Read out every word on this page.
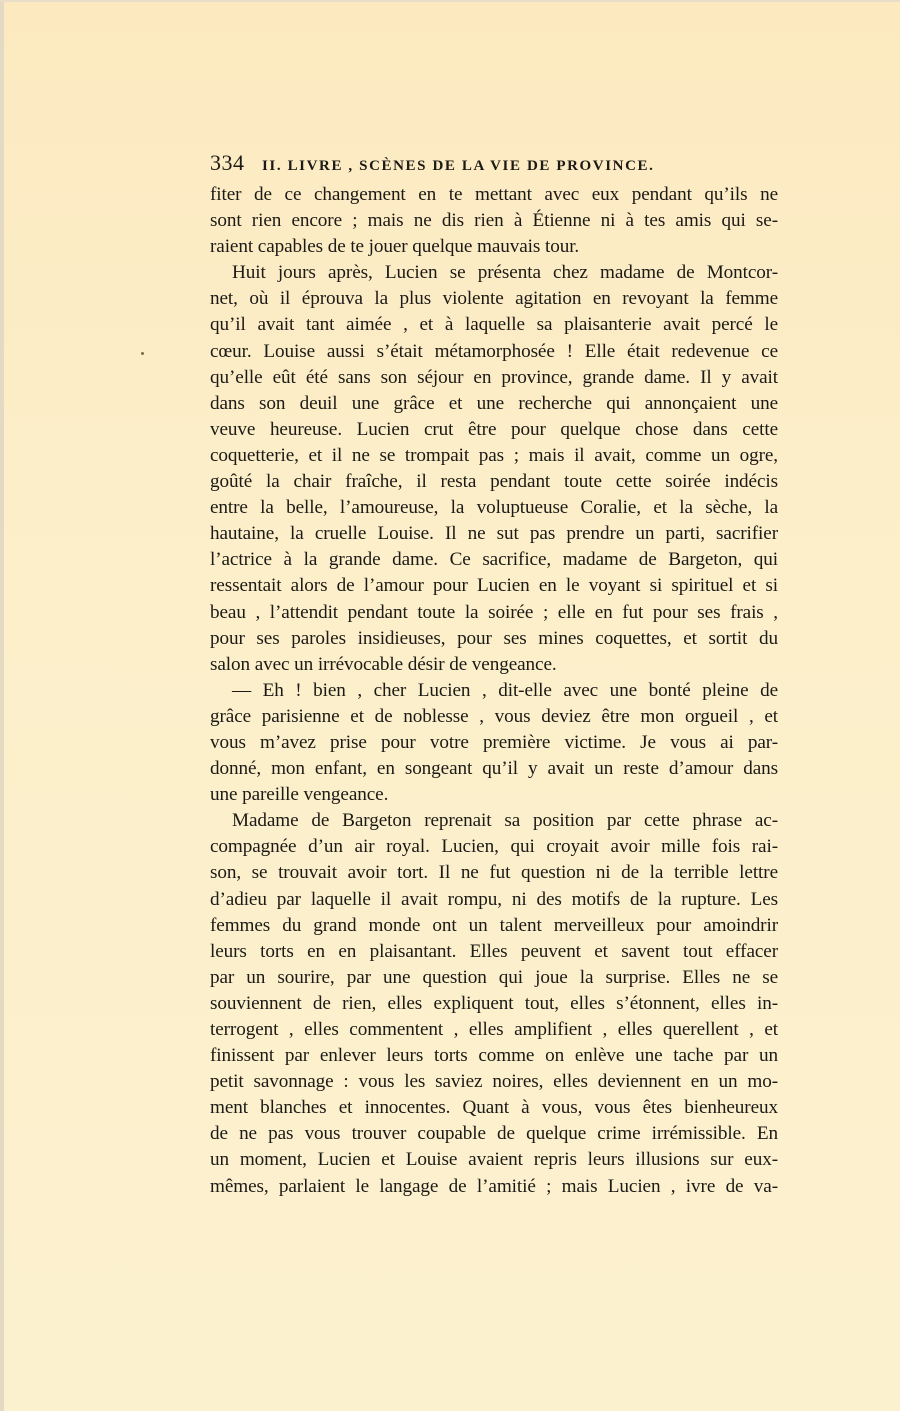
334	II. LIVRE , SCÈNES DE LA VIE DE PROVINCE.
fiter de ce changement en te mettant avec eux pendant qu’ils ne
sont rien encore ; mais ne dis rien à Étienne ni à tes amis qui se-
raient capables de te jouer quelque mauvais tour.
Huit jours après, Lucien se présenta chez madame de Montcor-
net, où il éprouva la plus violente agitation en revoyant la femme
qu’il avait tant aimée , et à laquelle sa plaisanterie avait percé le
cœur. Louise aussi s’était métamorphosée ! Elle était redevenue ce
qu’elle eût été sans son séjour en province, grande dame. Il y avait
dans son deuil une grâce et une recherche qui annonçaient une
veuve heureuse. Lucien crut être pour quelque chose dans cette
coquetterie, et il ne se trompait pas ; mais il avait, comme un ogre,
goûté la chair fraîche, il resta pendant toute cette soirée indécis
entre la belle, l’amoureuse, la voluptueuse Coralie, et la sèche, la
hautaine, la cruelle Louise. Il ne sut pas prendre un parti, sacrifier
l’actrice à la grande dame. Ce sacrifice, madame de Bargeton, qui
ressentait alors de l’amour pour Lucien en le voyant si spirituel et si
beau , l’attendit pendant toute la soirée ; elle en fut pour ses frais ,
pour ses paroles insidieuses, pour ses mines coquettes, et sortit du
salon avec un irrévocable désir de vengeance.
— Eh ! bien , cher Lucien , dit-elle avec une bonté pleine de
grâce parisienne et de noblesse , vous deviez être mon orgueil , et
vous m’avez prise pour votre première victime. Je vous ai par-
donné, mon enfant, en songeant qu’il y avait un reste d’amour dans
une pareille vengeance.
Madame de Bargeton reprenait sa position par cette phrase ac-
compagnée d’un air royal. Lucien, qui croyait avoir mille fois rai-
son, se trouvait avoir tort. Il ne fut question ni de la terrible lettre
d’adieu par laquelle il avait rompu, ni des motifs de la rupture. Les
femmes du grand monde ont un talent merveilleux pour amoindrir
leurs torts en en plaisantant. Elles peuvent et savent tout effacer
par un sourire, par une question qui joue la surprise. Elles ne se
souviennent de rien, elles expliquent tout, elles s’étonnent, elles in-
terrogent , elles commentent , elles amplifient , elles querellent , et
finissent par enlever leurs torts comme on enlève une tache par un
petit savonnage : vous les saviez noires, elles deviennent en un mo-
ment blanches et innocentes. Quant à vous, vous êtes bienheureux
de ne pas vous trouver coupable de quelque crime irrémissible. En
un moment, Lucien et Louise avaient repris leurs illusions sur eux-
mêmes, parlaient le langage de l’amitié ; mais Lucien , ivre de va-
